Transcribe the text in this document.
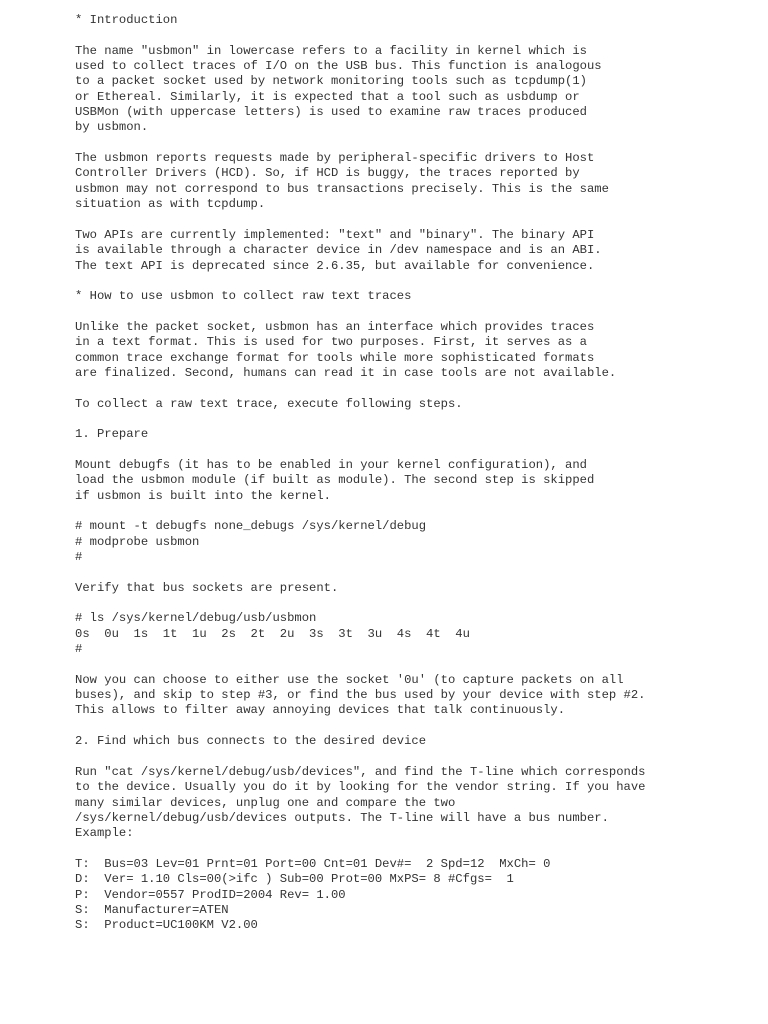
* Introduction
The name "usbmon" in lowercase refers to a facility in kernel which is
used to collect traces of I/O on the USB bus. This function is analogous
to a packet socket used by network monitoring tools such as tcpdump(1)
or Ethereal. Similarly, it is expected that a tool such as usbdump or
USBMon (with uppercase letters) is used to examine raw traces produced
by usbmon.
The usbmon reports requests made by peripheral-specific drivers to Host
Controller Drivers (HCD). So, if HCD is buggy, the traces reported by
usbmon may not correspond to bus transactions precisely. This is the same
situation as with tcpdump.
Two APIs are currently implemented: "text" and "binary". The binary API
is available through a character device in /dev namespace and is an ABI.
The text API is deprecated since 2.6.35, but available for convenience.
* How to use usbmon to collect raw text traces
Unlike the packet socket, usbmon has an interface which provides traces
in a text format. This is used for two purposes. First, it serves as a
common trace exchange format for tools while more sophisticated formats
are finalized. Second, humans can read it in case tools are not available.
To collect a raw text trace, execute following steps.
1. Prepare
Mount debugfs (it has to be enabled in your kernel configuration), and
load the usbmon module (if built as module). The second step is skipped
if usbmon is built into the kernel.
# mount -t debugfs none_debugs /sys/kernel/debug
# modprobe usbmon
#
Verify that bus sockets are present.
# ls /sys/kernel/debug/usb/usbmon
0s  0u  1s  1t  1u  2s  2t  2u  3s  3t  3u  4s  4t  4u
#
Now you can choose to either use the socket '0u' (to capture packets on all
buses), and skip to step #3, or find the bus used by your device with step #2.
This allows to filter away annoying devices that talk continuously.
2. Find which bus connects to the desired device
Run "cat /sys/kernel/debug/usb/devices", and find the T-line which corresponds
to the device. Usually you do it by looking for the vendor string. If you have
many similar devices, unplug one and compare the two
/sys/kernel/debug/usb/devices outputs. The T-line will have a bus number.
Example:
T:  Bus=03 Lev=01 Prnt=01 Port=00 Cnt=01 Dev#=  2 Spd=12  MxCh= 0
D:  Ver= 1.10 Cls=00(>ifc ) Sub=00 Prot=00 MxPS= 8 #Cfgs=  1
P:  Vendor=0557 ProdID=2004 Rev= 1.00
S:  Manufacturer=ATEN
S:  Product=UC100KM V2.00
